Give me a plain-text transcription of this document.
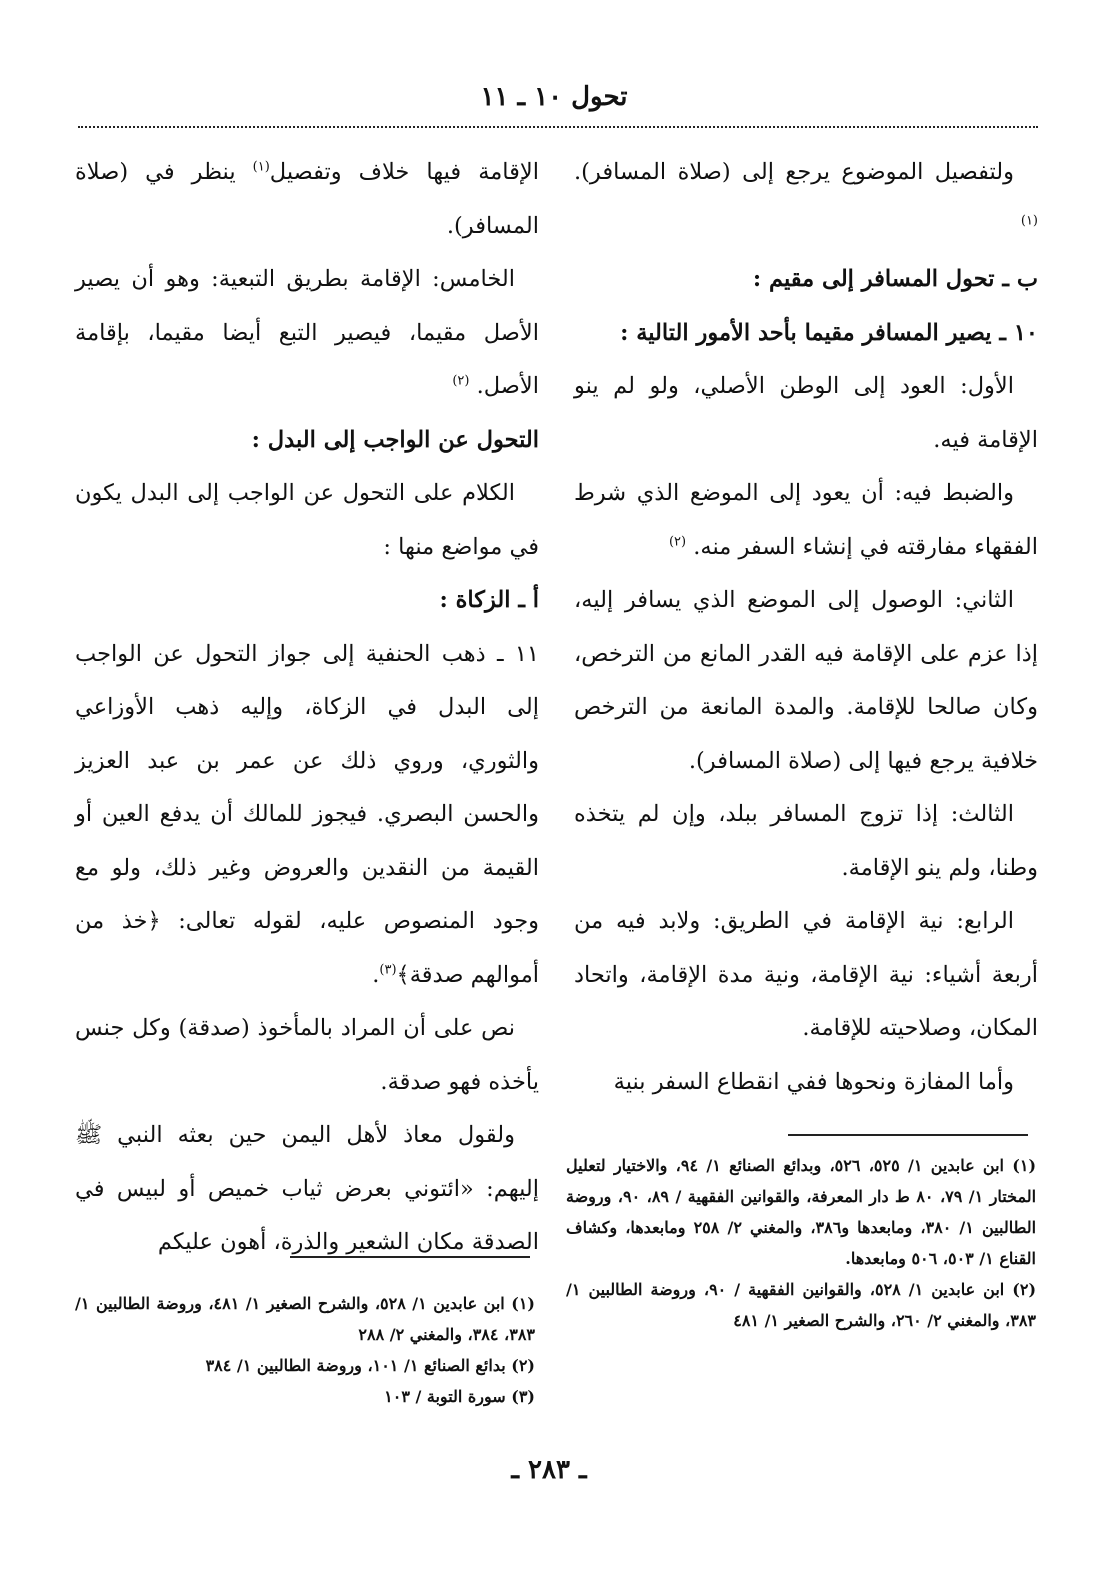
تحول ١٠ ـ ١١

ولتفصيل الموضوع يرجع إلى (صلاة المسافر). $^{(١)}$

ب ـ تحول المسافر إلى مقيم :

١٠ ـ يصير المسافر مقيما بأحد الأمور التالية :

الأول: العود إلى الوطن الأصلي، ولو لم ينو الإقامة فيه.

والضبط فيه: أن يعود إلى الموضع الذي شرط الفقهاء مفارقته في إنشاء السفر منه. $^{(٢)}$

الثاني: الوصول إلى الموضع الذي يسافر إليه، إذا عزم على الإقامة فيه القدر المانع من الترخص، وكان صالحا للإقامة. والمدة المانعة من الترخص خلافية يرجع فيها إلى (صلاة المسافر).

الثالث: إذا تزوج المسافر ببلد، وإن لم يتخذه وطنا، ولم ينو الإقامة.

الرابع: نية الإقامة في الطريق: ولابد فيه من أربعة أشياء: نية الإقامة، ونية مدة الإقامة، واتحاد المكان، وصلاحيته للإقامة.

وأما المفازة ونحوها ففي انقطاع السفر بنية

الإقامة فيها خلاف وتفصيل$^{(١)}$ ينظر في (صلاة المسافر).

الخامس: الإقامة بطريق التبعية: وهو أن يصير الأصل مقيما، فيصير التبع أيضا مقيما، بإقامة الأصل. $^{(٢)}$

التحول عن الواجب إلى البدل :

الكلام على التحول عن الواجب إلى البدل يكون في مواضع منها :

أ ـ الزكاة :

١١ ـ ذهب الحنفية إلى جواز التحول عن الواجب إلى البدل في الزكاة، وإليه ذهب الأوزاعي والثوري، وروي ذلك عن عمر بن عبد العزيز والحسن البصري. فيجوز للمالك أن يدفع العين أو القيمة من النقدين والعروض وغير ذلك، ولو مع وجود المنصوص عليه، لقوله تعالى: ﴿خذ من أموالهم صدقة﴾$^{(٣)}$.

نص على أن المراد بالمأخوذ (صدقة) وكل جنس يأخذه فهو صدقة.

ولقول معاذ لأهل اليمن حين بعثه النبي ﷺ إليهم: «ائتوني بعرض ثياب خميص أو لبيس في الصدقة مكان الشعير والذرة، أهون عليكم

(١) ابن عابدين ١/ ٥٢٥، ٥٢٦، وبدائع الصنائع ١/ ٩٤، والاختيار لتعليل المختار ١/ ٧٩، ٨٠ ط دار المعرفة، والقوانين الفقهية / ٨٩، ٩٠، وروضة الطالبين ١/ ٣٨٠، ومابعدها و٣٨٦، والمغني ٢/ ٢٥٨ ومابعدها، وكشاف القناع ١/ ٥٠٣، ٥٠٦ ومابعدها.

(٢) ابن عابدين ١/ ٥٢٨، والقوانين الفقهية / ٩٠، وروضة الطالبين ١/ ٣٨٣، والمغني ٢/ ٢٦٠، والشرح الصغير ١/ ٤٨١

(١) ابن عابدين ١/ ٥٢٨، والشرح الصغير ١/ ٤٨١، وروضة الطالبين ١/ ٣٨٣، ٣٨٤، والمغني ٢/ ٢٨٨

(٢) بدائع الصنائع ١/ ١٠١، وروضة الطالبين ١/ ٣٨٤

(٣) سورة التوبة / ١٠٣

ـ ٢٨٣ ـ
